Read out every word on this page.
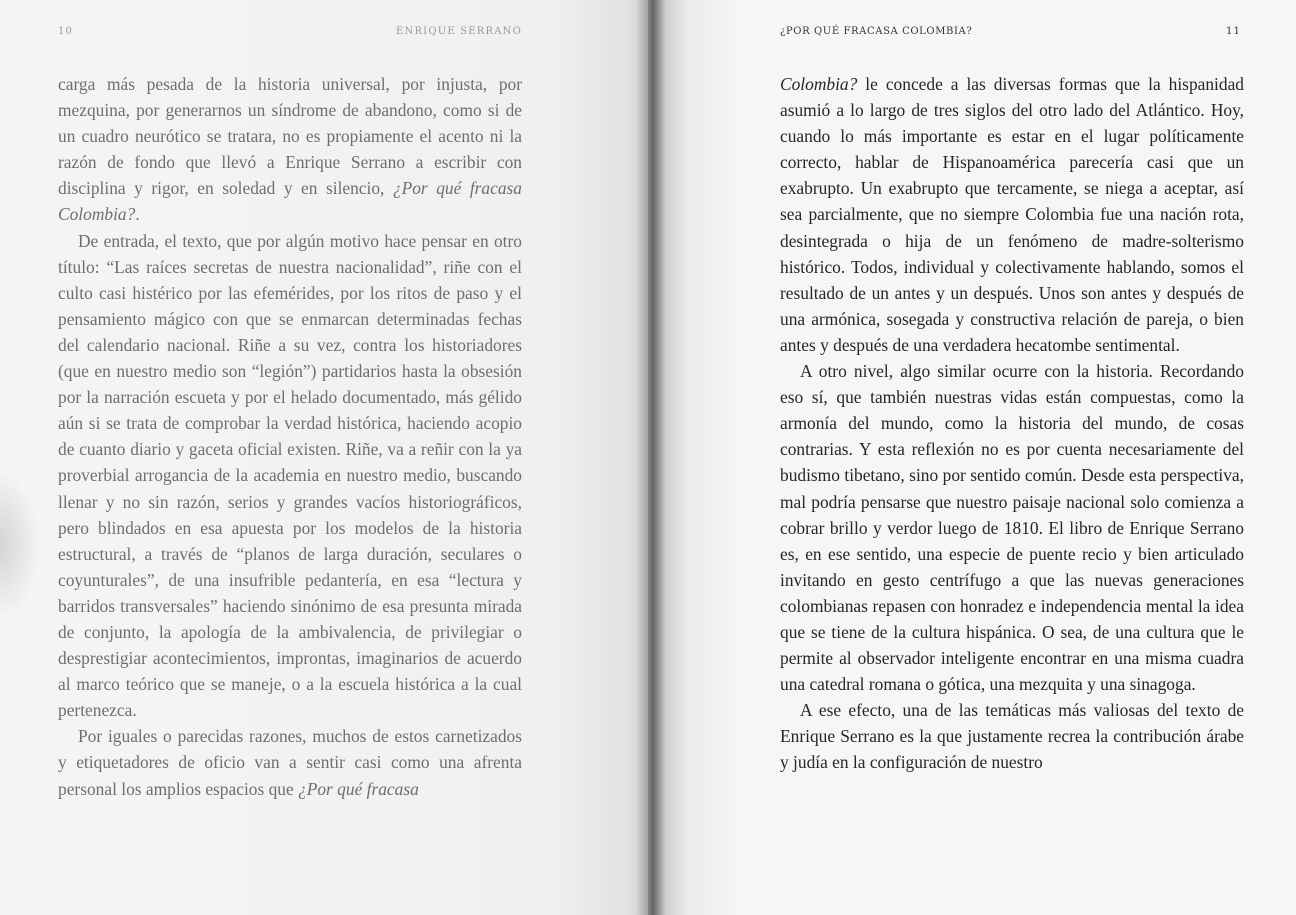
10	ENRIQUE SERRANO

carga más pesada de la historia universal, por injusta, por mezquina, por generarnos un síndrome de abandono, como si de un cuadro neurótico se tratara, no es propiamente el acento ni la razón de fondo que llevó a Enrique Serrano a escribir con disciplina y rigor, en soledad y en silencio, ¿Por qué fracasa Colombia?.

De entrada, el texto, que por algún motivo hace pensar en otro título: “Las raíces secretas de nuestra nacionalidad”, riñe con el culto casi histérico por las efemérides, por los ritos de paso y el pensamiento mágico con que se enmarcan determinadas fechas del calendario nacional. Riñe a su vez, contra los historiadores (que en nuestro medio son “legión”) partidarios hasta la obsesión por la narración escueta y por el helado documentado, más gélido aún si se trata de comprobar la verdad histórica, haciendo acopio de cuanto diario y gaceta oficial existen. Riñe, va a reñir con la ya proverbial arrogancia de la academia en nuestro medio, buscando llenar y no sin razón, serios y grandes vacíos historiográficos, pero blindados en esa apuesta por los modelos de la historia estructural, a través de “planos de larga duración, seculares o coyunturales”, de una insufrible pedantería, en esa “lectura y barridos transversales” haciendo sinónimo de esa presunta mirada de conjunto, la apología de la ambivalencia, de privilegiar o desprestigiar acontecimientos, improntas, imaginarios de acuerdo al marco teórico que se maneje, o a la escuela histórica a la cual pertenezca.

Por iguales o parecidas razones, muchos de estos carnetizados y etiquetadores de oficio van a sentir casi como una afrenta personal los amplios espacios que ¿Por qué fracasa

¿POR QUÉ FRACASA COLOMBIA?	11

Colombia? le concede a las diversas formas que la hispanidad asumió a lo largo de tres siglos del otro lado del Atlántico. Hoy, cuando lo más importante es estar en el lugar políticamente correcto, hablar de Hispanoamérica parecería casi que un exabrupto. Un exabrupto que tercamente, se niega a aceptar, así sea parcialmente, que no siempre Colombia fue una nación rota, desintegrada o hija de un fenómeno de madre-solterismo histórico. Todos, individual y colectivamente hablando, somos el resultado de un antes y un después. Unos son antes y después de una armónica, sosegada y constructiva relación de pareja, o bien antes y después de una verdadera hecatombe sentimental.

A otro nivel, algo similar ocurre con la historia. Recordando eso sí, que también nuestras vidas están compuestas, como la armonía del mundo, como la historia del mundo, de cosas contrarias. Y esta reflexión no es por cuenta necesariamente del budismo tibetano, sino por sentido común. Desde esta perspectiva, mal podría pensarse que nuestro paisaje nacional solo comienza a cobrar brillo y verdor luego de 1810. El libro de Enrique Serrano es, en ese sentido, una especie de puente recio y bien articulado invitando en gesto centrífugo a que las nuevas generaciones colombianas repasen con honradez e independencia mental la idea que se tiene de la cultura hispánica. O sea, de una cultura que le permite al observador inteligente encontrar en una misma cuadra una catedral romana o gótica, una mezquita y una sinagoga.

A ese efecto, una de las temáticas más valiosas del texto de Enrique Serrano es la que justamente recrea la contribución árabe y judía en la configuración de nuestro
